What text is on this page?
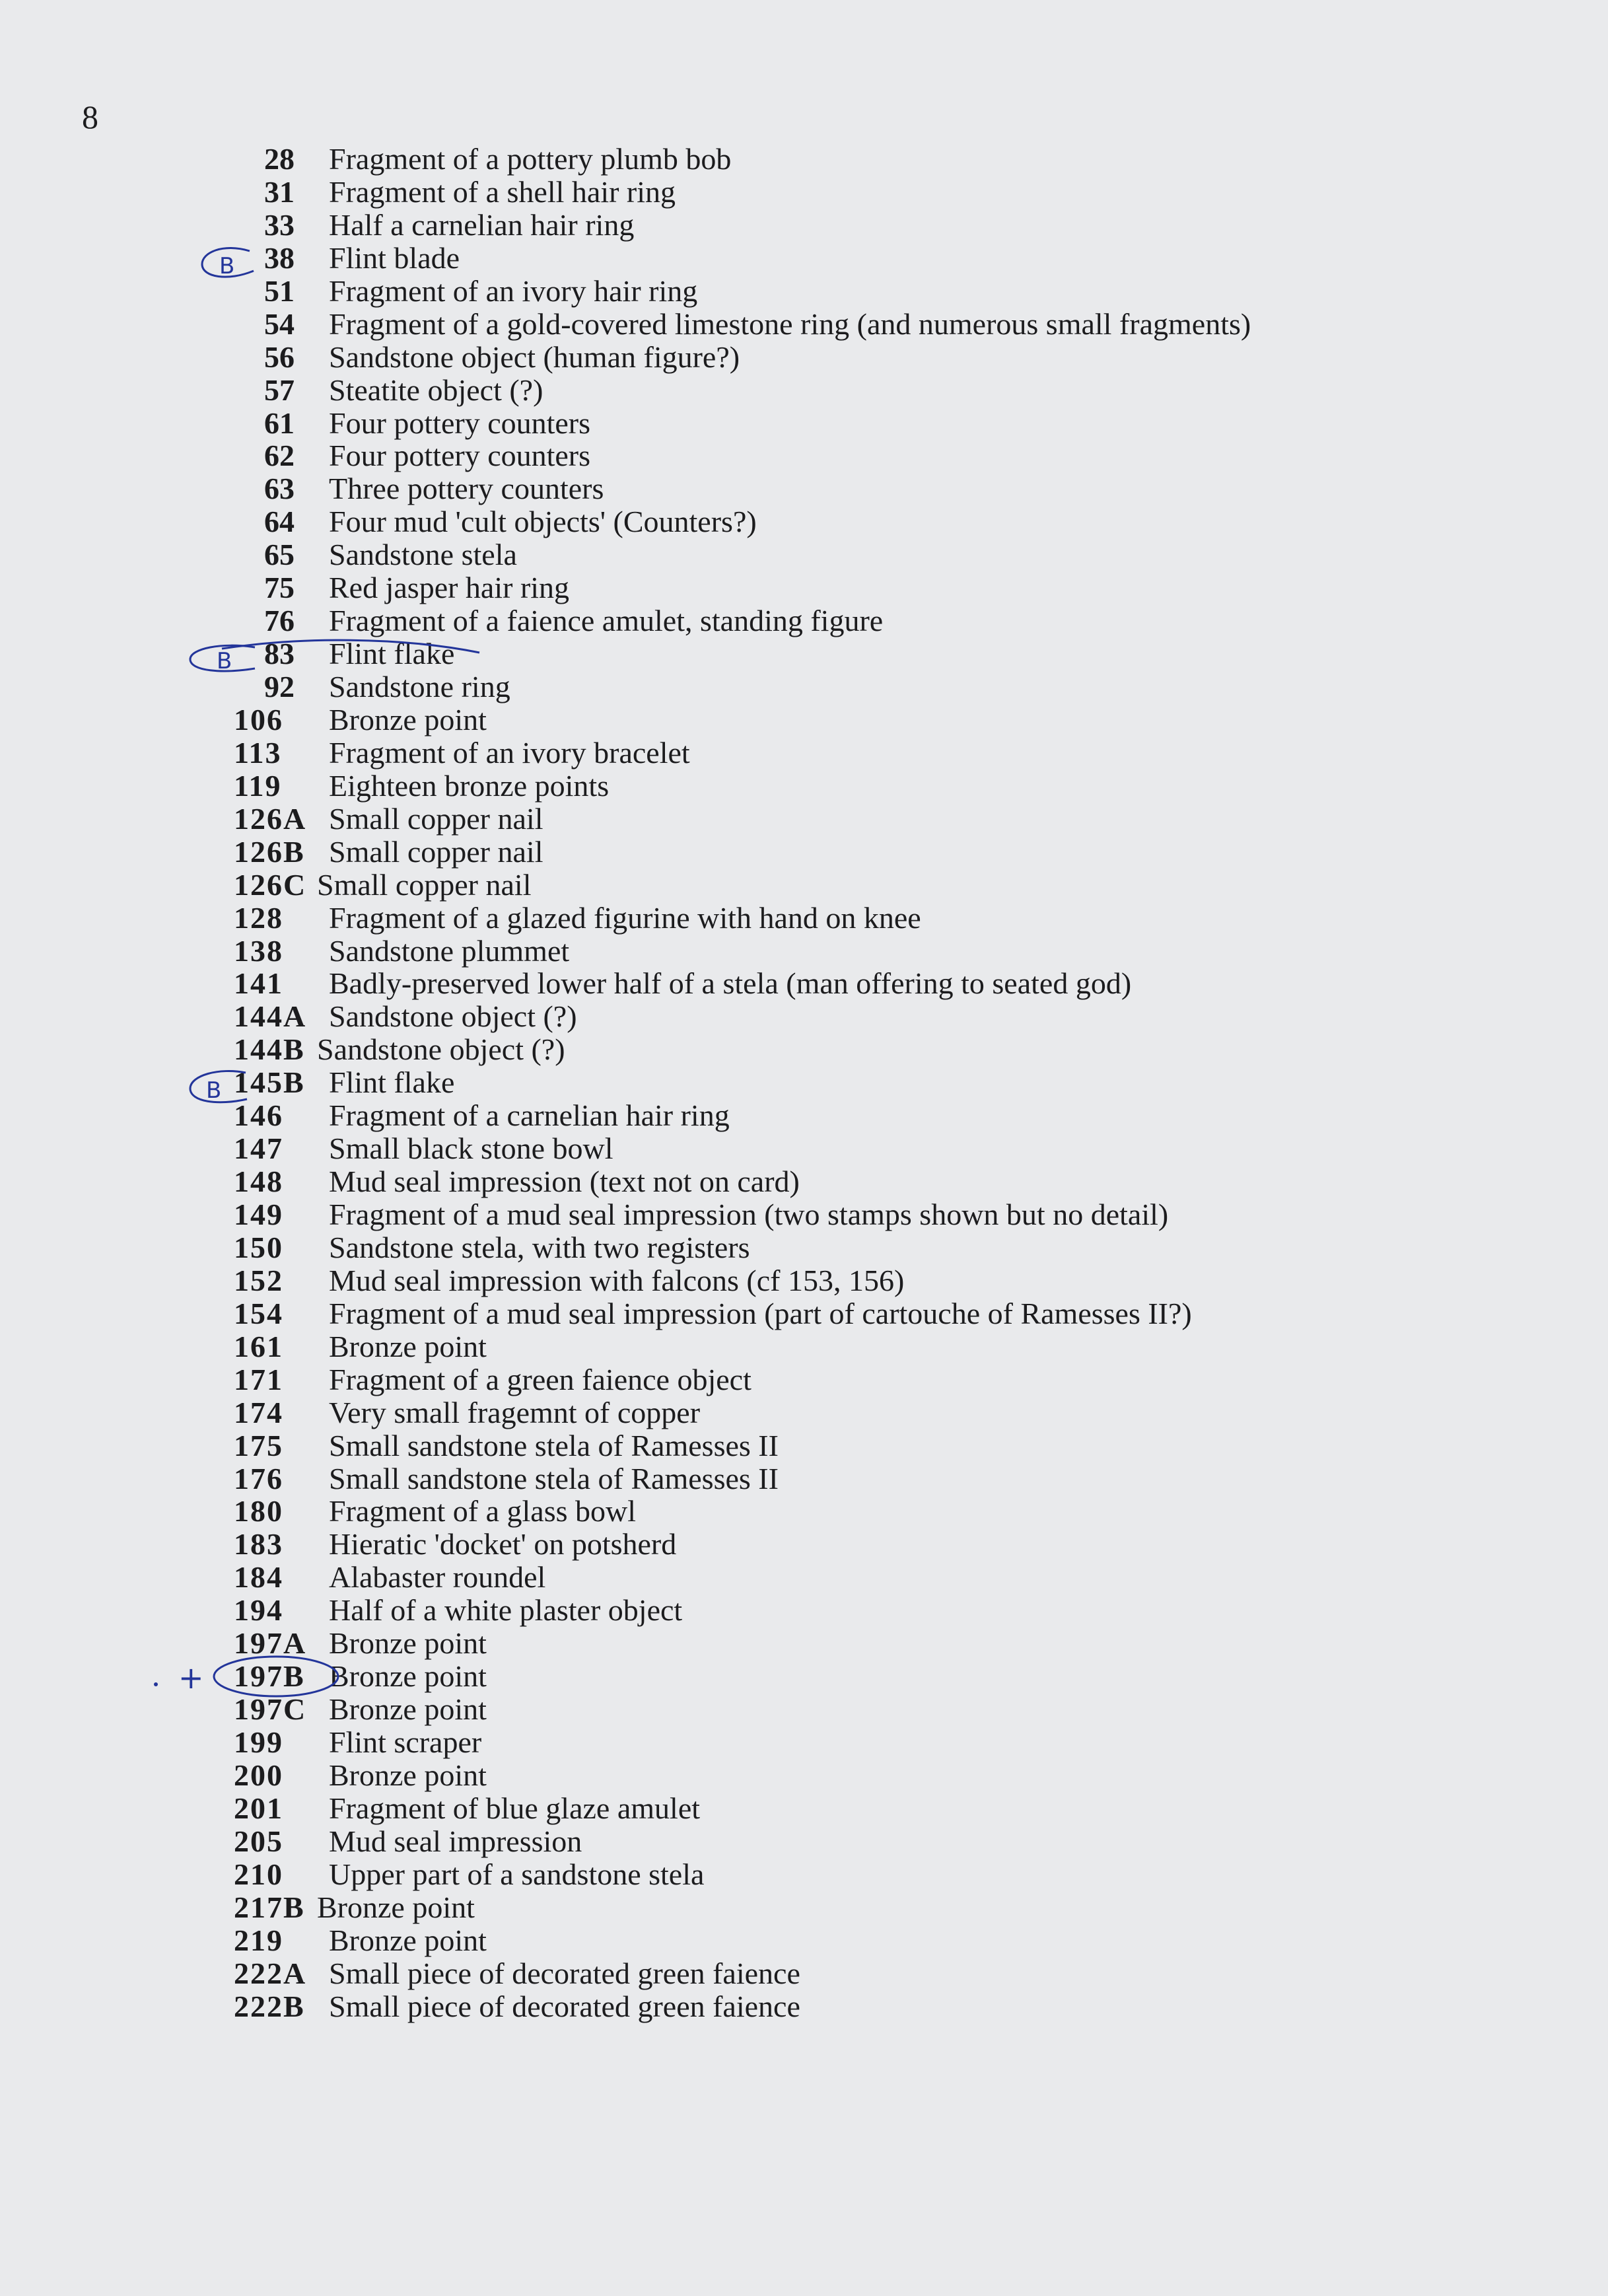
8
28 Fragment of a pottery plumb bob
31 Fragment of a shell hair ring
33 Half a carnelian hair ring
38 Flint blade
51 Fragment of an ivory hair ring
54 Fragment of a gold-covered limestone ring (and numerous small fragments)
56 Sandstone object (human figure?)
57 Steatite object (?)
61 Four pottery counters
62 Four pottery counters
63 Three pottery counters
64 Four mud 'cult objects' (Counters?)
65 Sandstone stela
75 Red jasper hair ring
76 Fragment of a faience amulet, standing figure
83 Flint flake
92 Sandstone ring
106 Bronze point
113 Fragment of an ivory bracelet
119 Eighteen bronze points
126A Small copper nail
126B Small copper nail
126C Small copper nail
128 Fragment of a glazed figurine with hand on knee
138 Sandstone plummet
141 Badly-preserved lower half of a stela (man offering to seated god)
144A Sandstone object (?)
144B Sandstone object (?)
145B Flint flake
146 Fragment of a carnelian hair ring
147 Small black stone bowl
148 Mud seal impression (text not on card)
149 Fragment of a mud seal impression (two stamps shown but no detail)
150 Sandstone stela, with two registers
152 Mud seal impression with falcons (cf 153, 156)
154 Fragment of a mud seal impression (part of cartouche of Ramesses II?)
161 Bronze point
171 Fragment of a green faience object
174 Very small fragemnt of copper
175 Small sandstone stela of Ramesses II
176 Small sandstone stela of Ramesses II
180 Fragment of a glass bowl
183 Hieratic 'docket' on potsherd
184 Alabaster roundel
194 Half of a white plaster object
197A Bronze point
197B Bronze point
197C Bronze point
199 Flint scraper
200 Bronze point
201 Fragment of blue glaze amulet
205 Mud seal impression
210 Upper part of a sandstone stela
217B Bronze point
219 Bronze point
222A Small piece of decorated green faience
222B Small piece of decorated green faience
B
B
B
+
